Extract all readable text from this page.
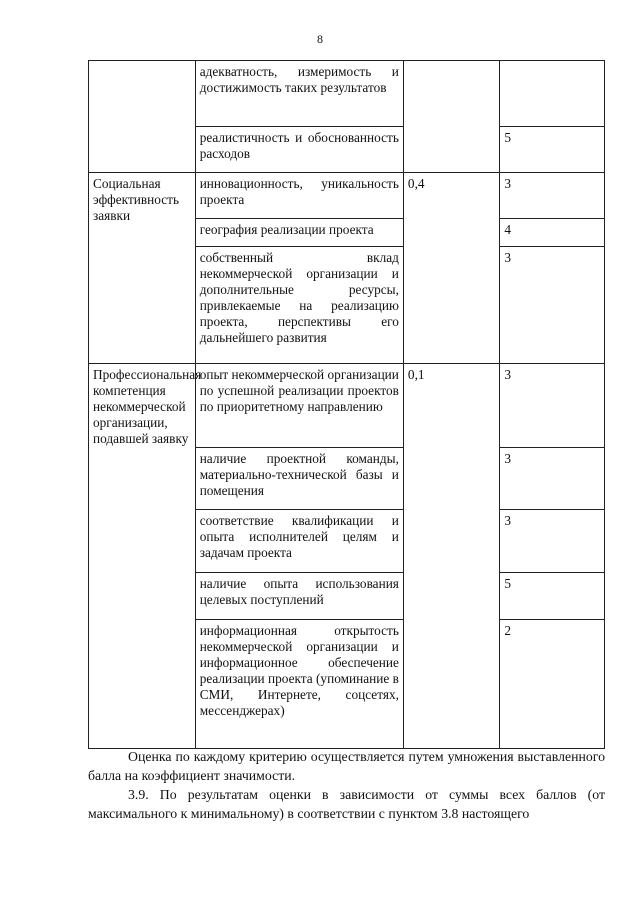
8
	адекватность, измеримость и достижимость таких результатов		
	реалистичность и обоснованность расходов		5
Социальная эффективность заявки	инновационность, уникальность проекта	0,4	3
	география реализации проекта		4
	собственный вклад некоммерческой организации и дополнительные ресурсы, привлекаемые на реализацию проекта, перспективы его дальнейшего развития		3
Профессиональная компетенция некоммерческой организации, подавшей заявку	опыт некоммерческой организации по успешной реализации проектов по приоритетному направлению	0,1	3
	наличие проектной команды, материально-технической базы и помещения		3
	соответствие квалификации и опыта исполнителей целям и задачам проекта		3
	наличие опыта использования целевых поступлений		5
	информационная открытость некоммерческой организации и информационное обеспечение реализации проекта (упоминание в СМИ, Интернете, соцсетях, мессенджерах)		2
Оценка по каждому критерию осуществляется путем умножения выставленного балла на коэффициент значимости.
3.9. По результатам оценки в зависимости от суммы всех баллов (от максимального к минимальному) в соответствии с пунктом 3.8 настоящего
